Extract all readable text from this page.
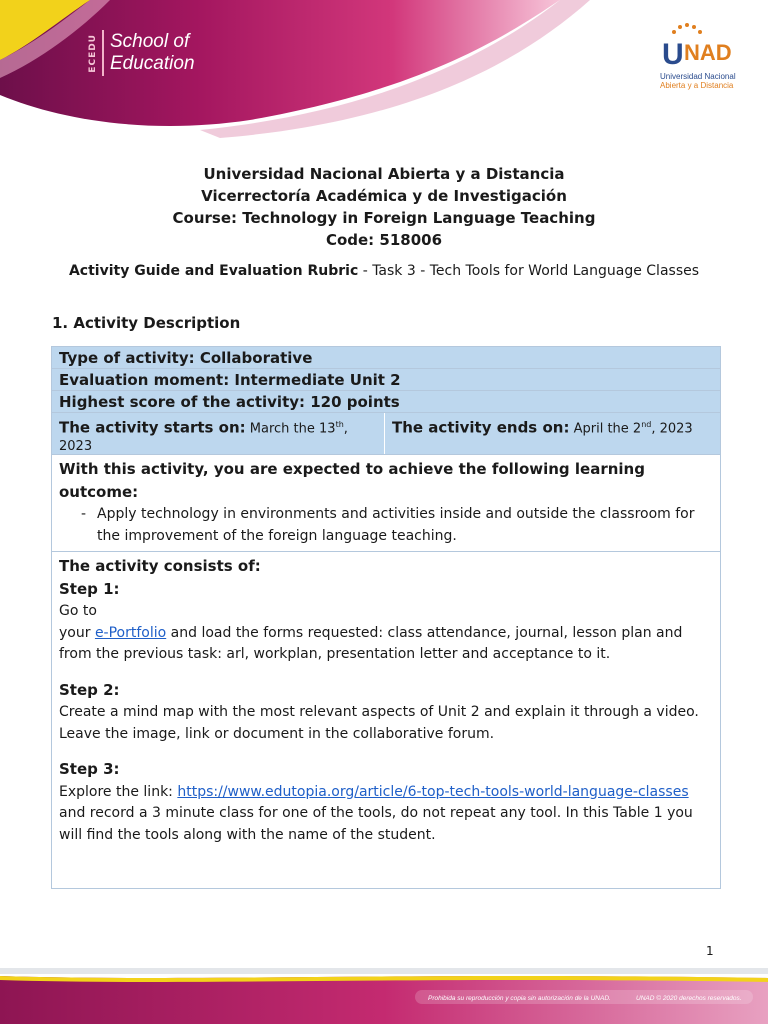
ECEDU School of
Education	U NAD
Universidad Nacional
Abierta y a Distancia
Universidad Nacional Abierta y a Distancia
Vicerrectoría Académica y de Investigación
Course: Technology in Foreign Language Teaching
Code: 518006
Activity Guide and Evaluation Rubric - Task 3 - Tech Tools for World Language Classes
1. Activity Description
Type of activity: Collaborative
Evaluation moment: Intermediate Unit 2
Highest score of the activity: 120 points
The activity starts on: March the 13th, 2023
The activity ends on: April the 2nd, 2023
With this activity, you are expected to achieve the following learning outcome:
- Apply technology in environments and activities inside and outside the classroom for the improvement of the foreign language teaching.
The activity consists of:
Step 1:
Go to
your e-Portfolio and load the forms requested: class attendance, journal, lesson plan and from the previous task: arl, workplan, presentation letter and acceptance to it.
Step 2:
Create a mind map with the most relevant aspects of Unit 2 and explain it through a video. Leave the image, link or document in the collaborative forum.
Step 3:
Explore the link: https://www.edutopia.org/article/6-top-tech-tools-world-language-classes and record a 3 minute class for one of the tools, do not repeat any tool. In this Table 1 you will find the tools along with the name of the student.
1
Prohibida su reproducción y copia sin autorización de la UNAD.	UNAD © 2020 derechos reservados.
